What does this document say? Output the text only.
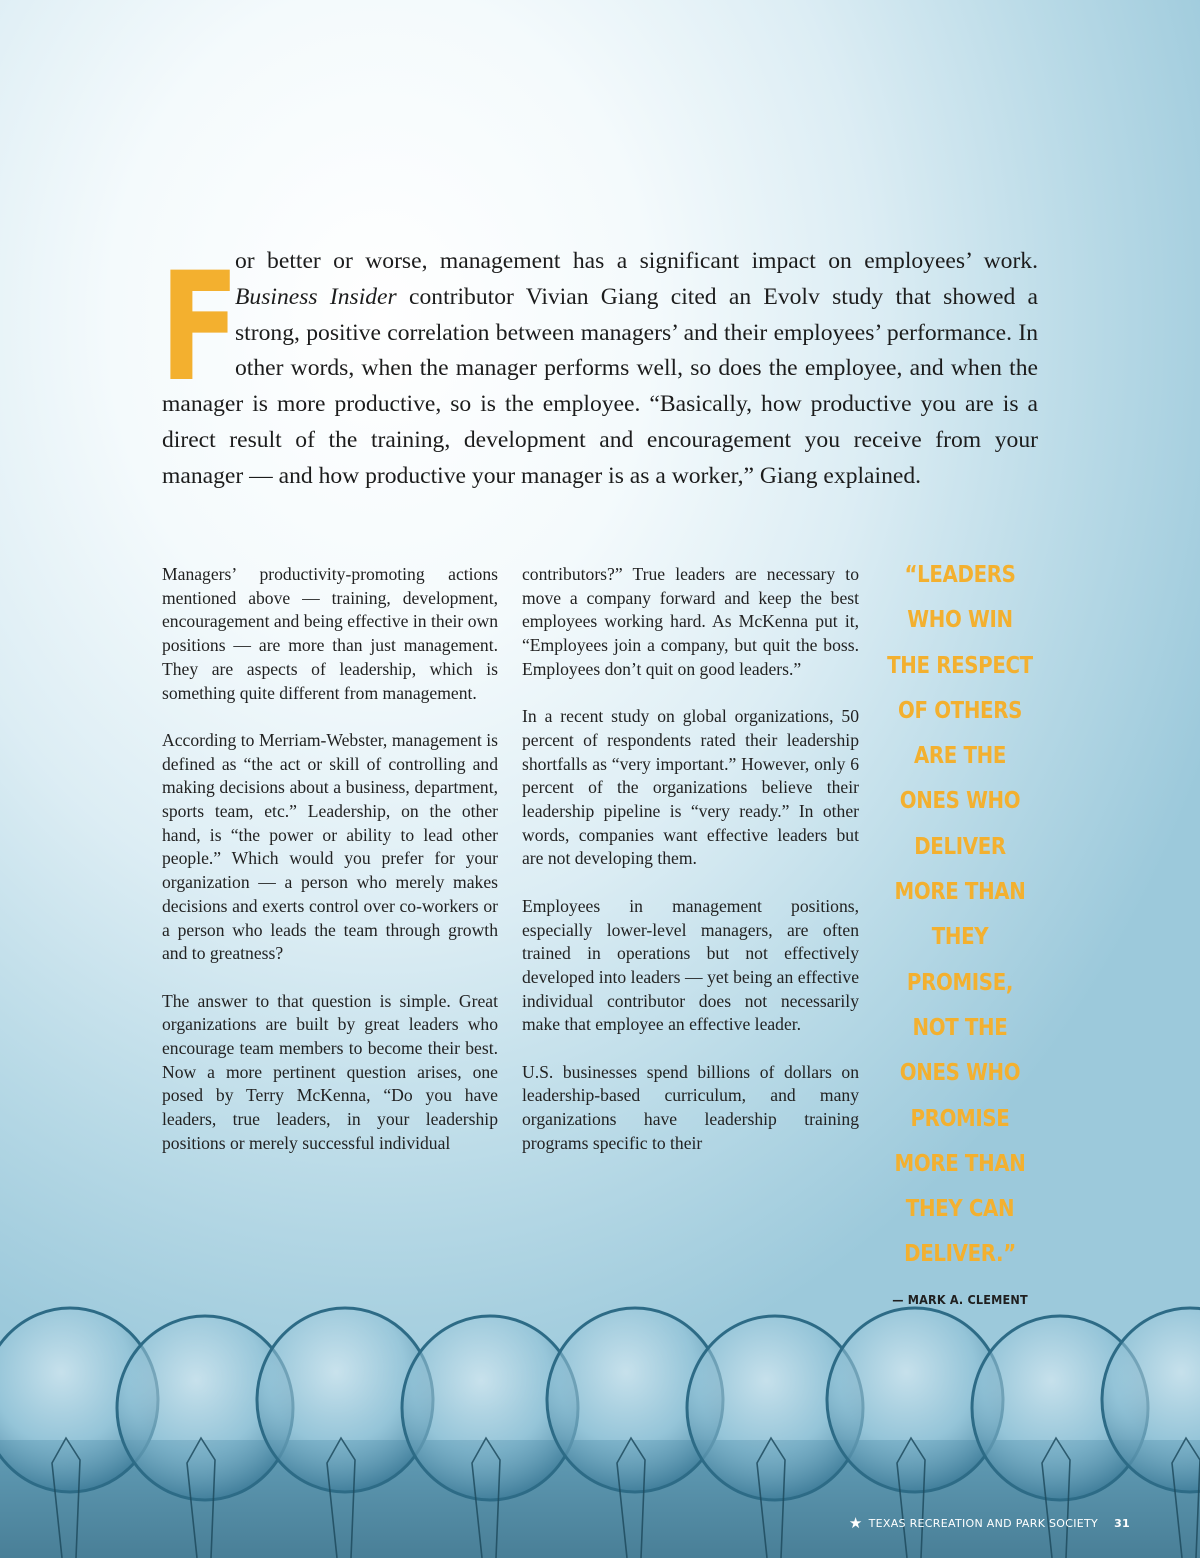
F
or better or worse, management has a significant impact on employees’ work. Business Insider contributor Vivian Giang cited an Evolv study that showed a strong, positive correlation between managers’ and their employees’ performance. In other words, when the manager performs well, so does the employee, and when the manager is more productive, so is the employee. “Basically, how productive you are is a direct result of the training, development and encouragement you receive from your manager — and how productive your manager is as a worker,” Giang explained.

Managers’ productivity-promoting actions mentioned above — training, development, encouragement and being effective in their own positions — are more than just management. They are aspects of leadership, which is something quite different from management.

According to Merriam-Webster, management is defined as “the act or skill of controlling and making decisions about a business, department, sports team, etc.” Leadership, on the other hand, is “the power or ability to lead other people.” Which would you prefer for your organization — a person who merely makes decisions and exerts control over co-workers or a person who leads the team through growth and to greatness?

The answer to that question is simple. Great organizations are built by great leaders who encourage team members to become their best. Now a more pertinent question arises, one posed by Terry McKenna, “Do you have leaders, true leaders, in your leadership positions or merely successful individual

contributors?” True leaders are necessary to move a company forward and keep the best employees working hard. As McKenna put it, “Employees join a company, but quit the boss. Employees don’t quit on good leaders.”

In a recent study on global organizations, 50 percent of respondents rated their leadership shortfalls as “very important.” However, only 6 percent of the organizations believe their leadership pipeline is “very ready.” In other words, companies want effective leaders but are not developing them.

Employees in management positions, especially lower-level managers, are often trained in operations but not effectively developed into leaders — yet being an effective individual contributor does not necessarily make that employee an effective leader.

U.S. businesses spend billions of dollars on leadership-based curriculum, and many organizations have leadership training programs specific to their

“LEADERS WHO WIN THE RESPECT OF OTHERS ARE THE ONES WHO DELIVER MORE THAN THEY PROMISE, NOT THE ONES WHO PROMISE MORE THAN THEY CAN DELIVER.”
— MARK A. CLEMENT
★ TEXAS RECREATION AND PARK SOCIETY 31
